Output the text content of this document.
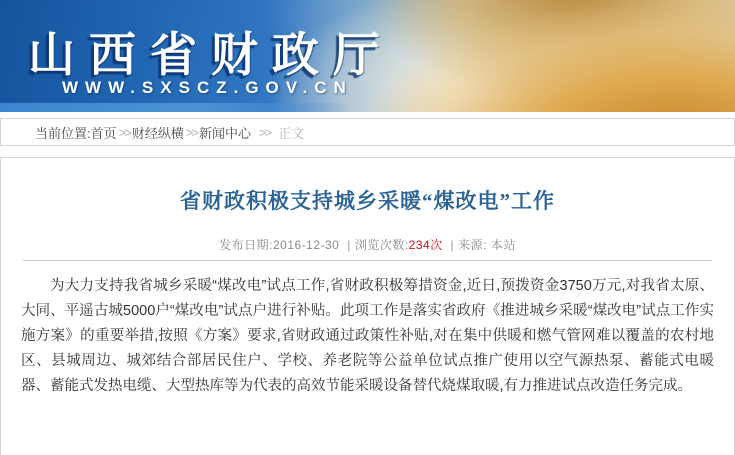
山西省财政厅
WWW.SXSCZ.GOV.CN
当前位置: 首页 >> 财经纵横 >> 新闻中心 >> 正文
省财政积极支持城乡采暖“煤改电”工作
发布日期:2016-12-30 | 浏览次数:234次 | 来源: 本站

为大力支持我省城乡采暖“煤改电”试点工作,省财政积极筹措资金,近日,预拨资金3750万元,对我省太原、大同、平遥古城5000户“煤改电”试点户进行补贴。此项工作是落实省政府《推进城乡采暖“煤改电”试点工作实施方案》的重要举措,按照《方案》要求,省财政通过政策性补贴,对在集中供暖和燃气管网难以覆盖的农村地区、县城周边、城郊结合部居民住户、学校、养老院等公益单位试点推广使用以空气源热泵、蓄能式电暖器、蓄能式发热电缆、大型热库等为代表的高效节能采暖设备替代烧煤取暖,有力推进试点改造任务完成。
